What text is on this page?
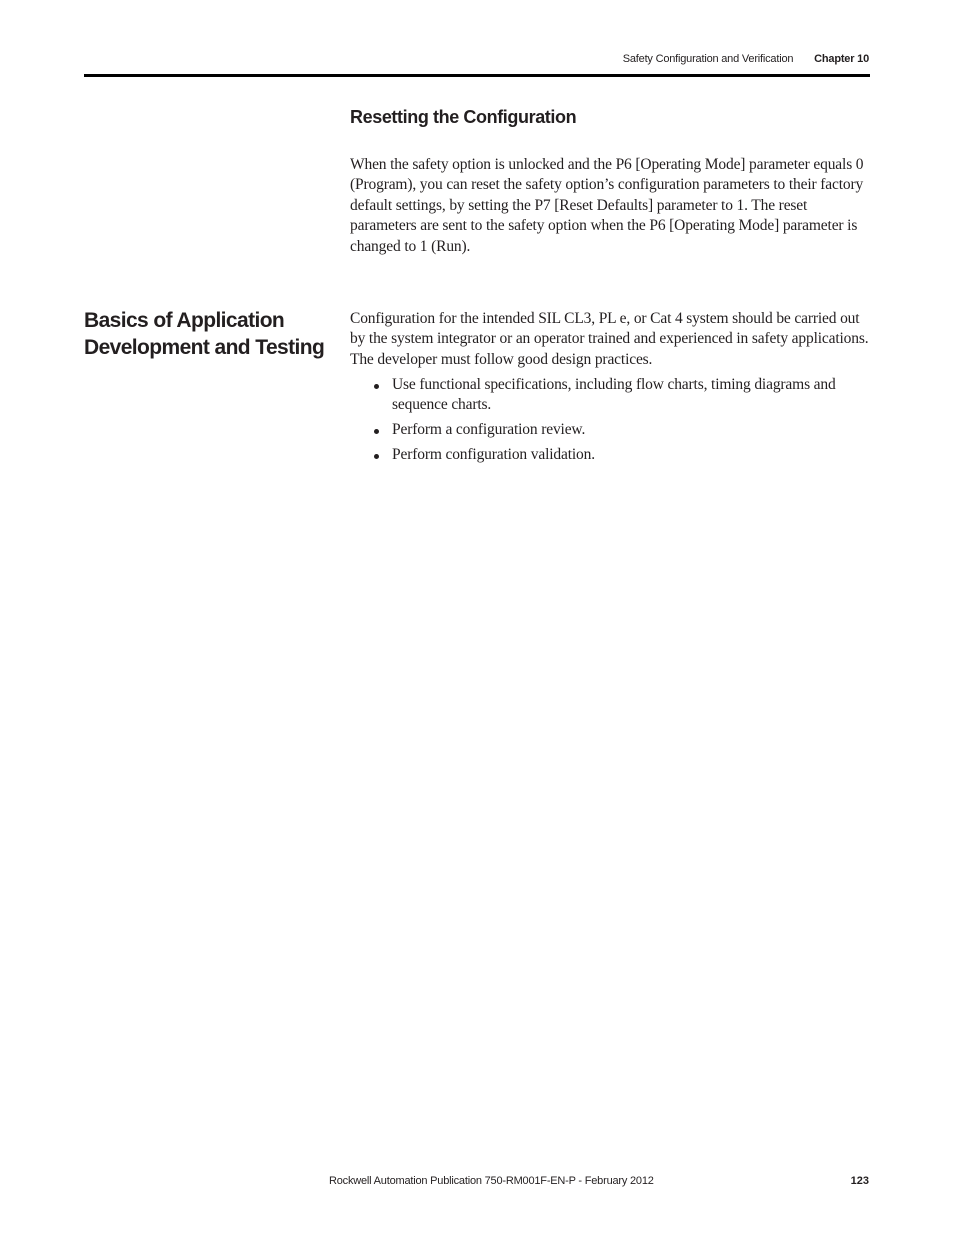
Safety Configuration and Verification Chapter 10
Resetting the Configuration

When the safety option is unlocked and the P6 [Operating Mode] parameter equals 0 (Program), you can reset the safety option’s configuration parameters to their factory default settings, by setting the P7 [Reset Defaults] parameter to 1. The reset parameters are sent to the safety option when the P6 [Operating Mode] parameter is changed to 1 (Run).

Basics of Application Development and Testing

Configuration for the intended SIL CL3, PL e, or Cat 4 system should be carried out by the system integrator or an operator trained and experienced in safety applications. The developer must follow good design practices.

Use functional specifications, including flow charts, timing diagrams and sequence charts.
Perform a configuration review.
Perform configuration validation.
Rockwell Automation Publication 750-RM001F-EN-P - February 2012	123
